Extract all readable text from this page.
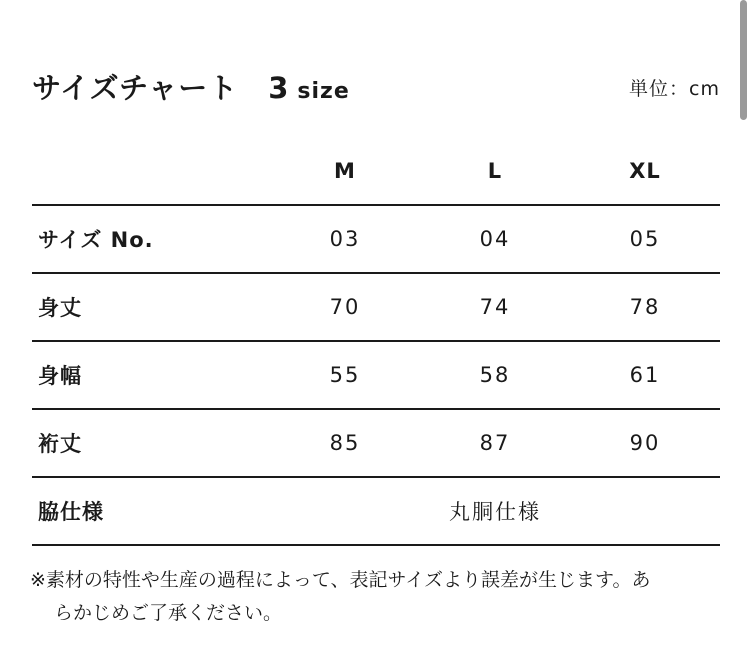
サイズチャート 3 size	単位：cm
	M	L	XL
サイズ No.	03	04	05
身丈	70	74	78
身幅	55	58	61
裄丈	85	87	90
脇仕様	丸胴仕様		
※素材の特性や生産の過程によって、表記サイズより誤差が生じます。あ
らかじめご了承ください。
